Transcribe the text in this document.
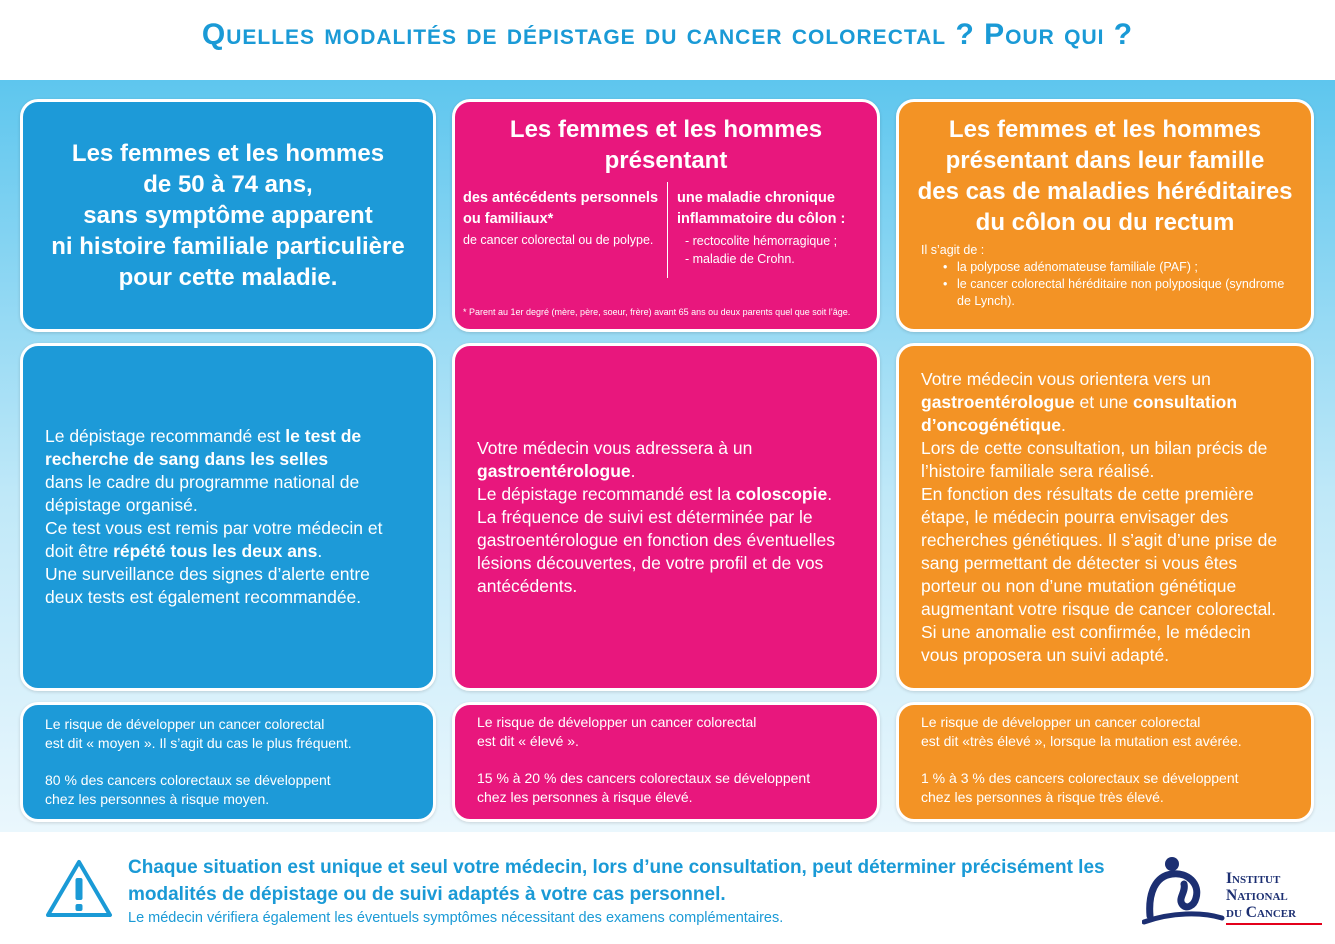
Quelles modalités de dépistage du cancer colorectal ? Pour qui ?
Les femmes et les hommes
de 50 à 74 ans,
sans symptôme apparent
ni histoire familiale particulière
pour cette maladie.
Les femmes et les hommes
présentant

des antécédents personnels ou familiaux*

de cancer colorectal ou de polype.

une maladie chronique inflammatoire du côlon :

- rectocolite hémorragique ;
- maladie de Crohn.

* Parent au 1er degré (mère, père, soeur, frère) avant 65 ans ou deux parents quel que soit l’âge.

Les femmes et les hommes
présentant dans leur famille
des cas de maladies héréditaires
du côlon ou du rectum

Il s’agit de :

• la polypose adénomateuse familiale (PAF) ;
• le cancer colorectal héréditaire non polyposique (syndrome de Lynch).
Le dépistage recommandé est le test de recherche de sang dans les selles
dans le cadre du programme national de dépistage organisé.
Ce test vous est remis par votre médecin et doit être répété tous les deux ans.
Une surveillance des signes d’alerte entre deux tests est également recommandée.
Votre médecin vous adressera à un gastroentérologue.
Le dépistage recommandé est la coloscopie.
La fréquence de suivi est déterminée par le gastroentérologue en fonction des éventuelles lésions découvertes, de votre profil et de vos antécédents.
Votre médecin vous orientera vers un gastroentérologue et une consultation d’oncogénétique.
Lors de cette consultation, un bilan précis de l’histoire familiale sera réalisé.
En fonction des résultats de cette première étape, le médecin pourra envisager des recherches génétiques. Il s’agit d’une prise de sang permettant de détecter si vous êtes porteur ou non d’une mutation génétique augmentant votre risque de cancer colorectal. Si une anomalie est confirmée, le médecin vous proposera un suivi adapté.

Le risque de développer un cancer colorectal

est dit « moyen ». Il s’agit du cas le plus fréquent.

80 % des cancers colorectaux se développent

chez les personnes à risque moyen.

Le risque de développer un cancer colorectal

est dit « élevé ».

15 % à 20 % des cancers colorectaux se développent

chez les personnes à risque élevé.

Le risque de développer un cancer colorectal

est dit «très élevé », lorsque la mutation est avérée.

1 % à 3 % des cancers colorectaux se développent

chez les personnes à risque très élevé.

Chaque situation est unique et seul votre médecin, lors d’une consultation, peut déterminer précisément les modalités de dépistage ou de suivi adaptés à votre cas personnel.

Le médecin vérifiera également les éventuels symptômes nécessitant des examens complémentaires.

Institut
National
du Cancer
